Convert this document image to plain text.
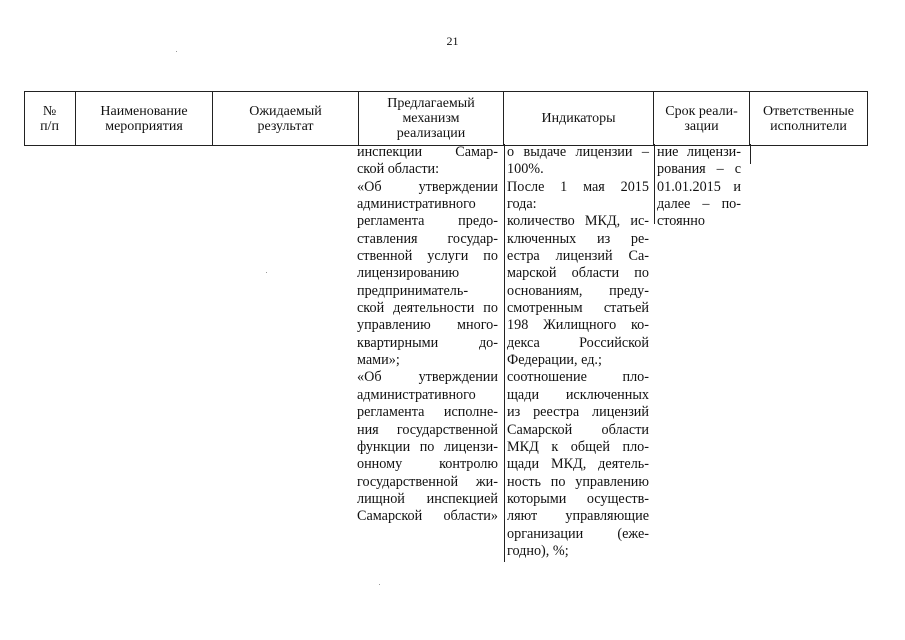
21
№
п/п
Наименование
мероприятия
Ожидаемый
результат
Предлагаемый
механизм
реализации
Индикаторы	Срок реали-
зации
Ответственные
исполнители
инспекции Самар-
ской области:
«Об утверждении
административного
регламента предо-
ставления государ-
ственной услуги по
лицензированию
предприниматель-
ской деятельности по
управлению много-
квартирными до-
мами»;
«Об утверждении
административного
регламента исполне-
ния государственной
функции по лицензи-
онному контролю
государственной жи-
лищной инспекцией
Самарской области»
о выдаче лицензии –
100%.
После 1 мая 2015
года:
количество МКД, ис-
ключенных из ре-
естра лицензий Са-
марской области по
основаниям, преду-
смотренным статьей
198 Жилищного ко-
декса Российской
Федерации, ед.;
соотношение пло-
щади исключенных
из реестра лицензий
Самарской области
МКД к общей пло-
щади МКД, деятель-
ность по управлению
которыми осуществ-
ляют управляющие
организации (еже-
годно), %;
ние лицензи-
рования – с
01.01.2015 и
далее – по-
стоянно
